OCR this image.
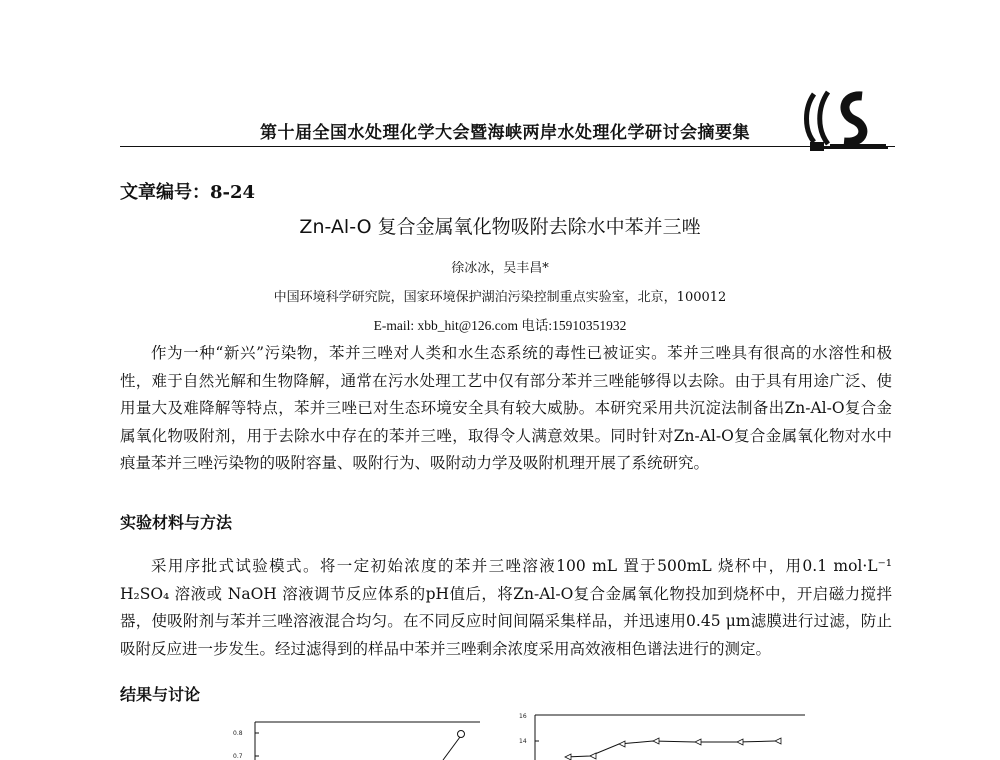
第十届全国水处理化学大会暨海峡两岸水处理化学研讨会摘要集
文章编号：8-24
Zn-Al-O 复合金属氧化物吸附去除水中苯并三唑
徐冰冰，吴丰昌*
中国环境科学研究院，国家环境保护湖泊污染控制重点实验室，北京，100012
E-mail: xbb_hit@126.com 电话:15910351932

作为一种“新兴”污染物，苯并三唑对人类和水生态系统的毒性已被证实。苯并三唑具有很高的水溶性和极性，难于自然光解和生物降解，通常在污水处理工艺中仅有部分苯并三唑能够得以去除。由于具有用途广泛、使用量大及难降解等特点，苯并三唑已对生态环境安全具有较大威胁。本研究采用共沉淀法制备出Zn-Al-O复合金属氧化物吸附剂，用于去除水中存在的苯并三唑，取得令人满意效果。同时针对Zn-Al-O复合金属氧化物对水中痕量苯并三唑污染物的吸附容量、吸附行为、吸附动力学及吸附机理开展了系统研究。

实验材料与方法

采用序批式试验模式。将一定初始浓度的苯并三唑溶液100 mL 置于500mL 烧杯中，用0.1 mol·L⁻¹ H₂SO₄ 溶液或 NaOH 溶液调节反应体系的pH值后，将Zn-Al-O复合金属氧化物投加到烧杯中，开启磁力搅拌器，使吸附剂与苯并三唑溶液混合均匀。在不同反应时间间隔采集样品，并迅速用0.45 μm滤膜进行过滤，防止吸附反应进一步发生。经过滤得到的样品中苯并三唑剩余浓度采用高效液相色谱法进行的测定。

结果与讨论
0.8
0.7
16
14
